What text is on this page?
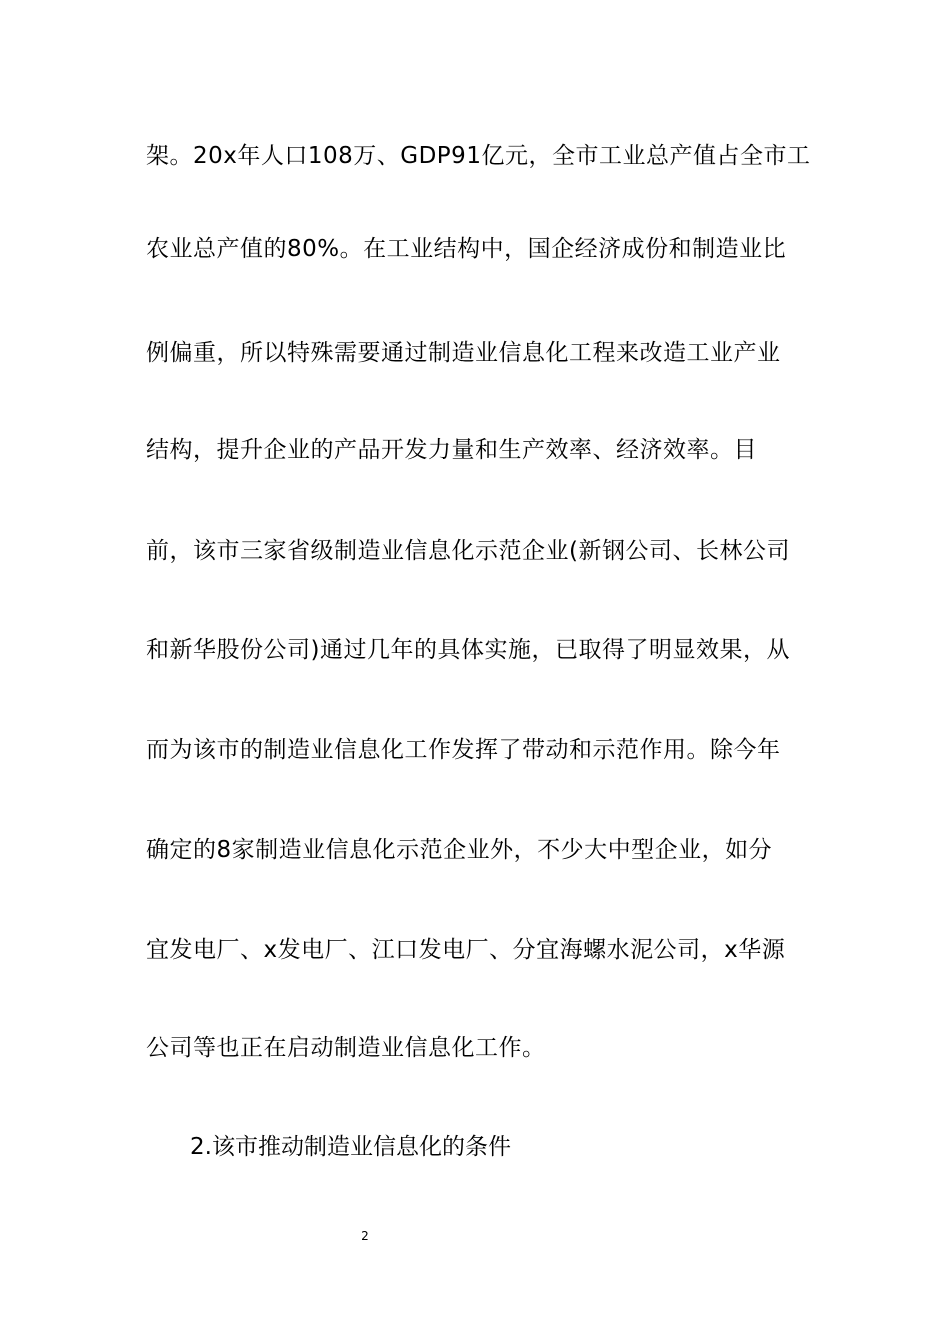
架。20x年人口108万、GDP91亿元，全市工业总产值占全市工
农业总产值的80%。在工业结构中，国企经济成份和制造业比
例偏重，所以特殊需要通过制造业信息化工程来改造工业产业
结构，提升企业的产品开发力量和生产效率、经济效率。目
前，该市三家省级制造业信息化示范企业(新钢公司、长林公司
和新华股份公司)通过几年的具体实施，已取得了明显效果，从
而为该市的制造业信息化工作发挥了带动和示范作用。除今年
确定的8家制造业信息化示范企业外，不少大中型企业，如分
宜发电厂、x发电厂、江口发电厂、分宜海螺水泥公司，x华源
公司等也正在启动制造业信息化工作。
2.该市推动制造业信息化的条件
2
